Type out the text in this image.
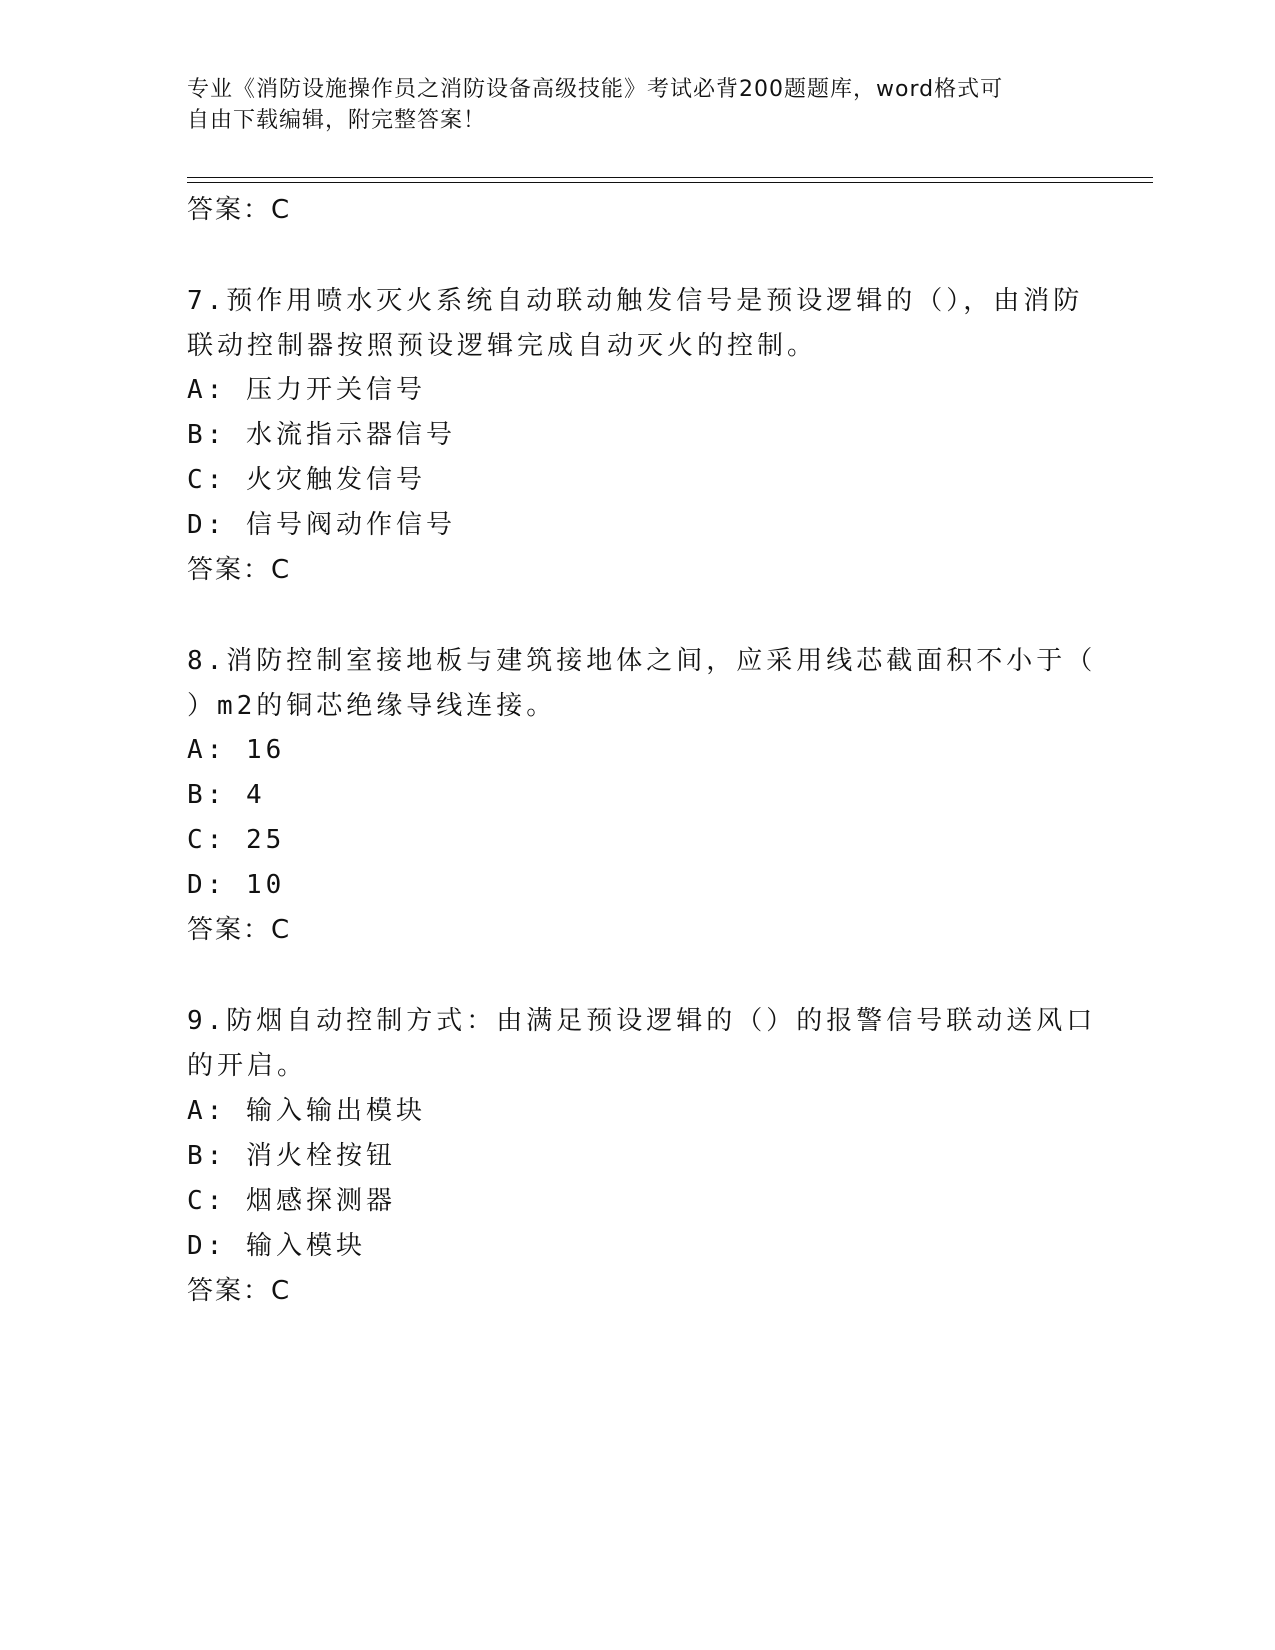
专业《消防设施操作员之消防设备高级技能》考试必背200题题库，word格式可
自由下载编辑，附完整答案！
答案：C
7.预作用喷水灭火系统自动联动触发信号是预设逻辑的（），由消防
联动控制器按照预设逻辑完成自动灭火的控制。
A: 压力开关信号
B: 水流指示器信号
C: 火灾触发信号
D: 信号阀动作信号
答案：C
8.消防控制室接地板与建筑接地体之间，应采用线芯截面积不小于（
）m2的铜芯绝缘导线连接。
A: 16
B: 4
C: 25
D: 10
答案：C
9.防烟自动控制方式：由满足预设逻辑的（）的报警信号联动送风口
的开启。
A: 输入输出模块
B: 消火栓按钮
C: 烟感探测器
D: 输入模块
答案：C
